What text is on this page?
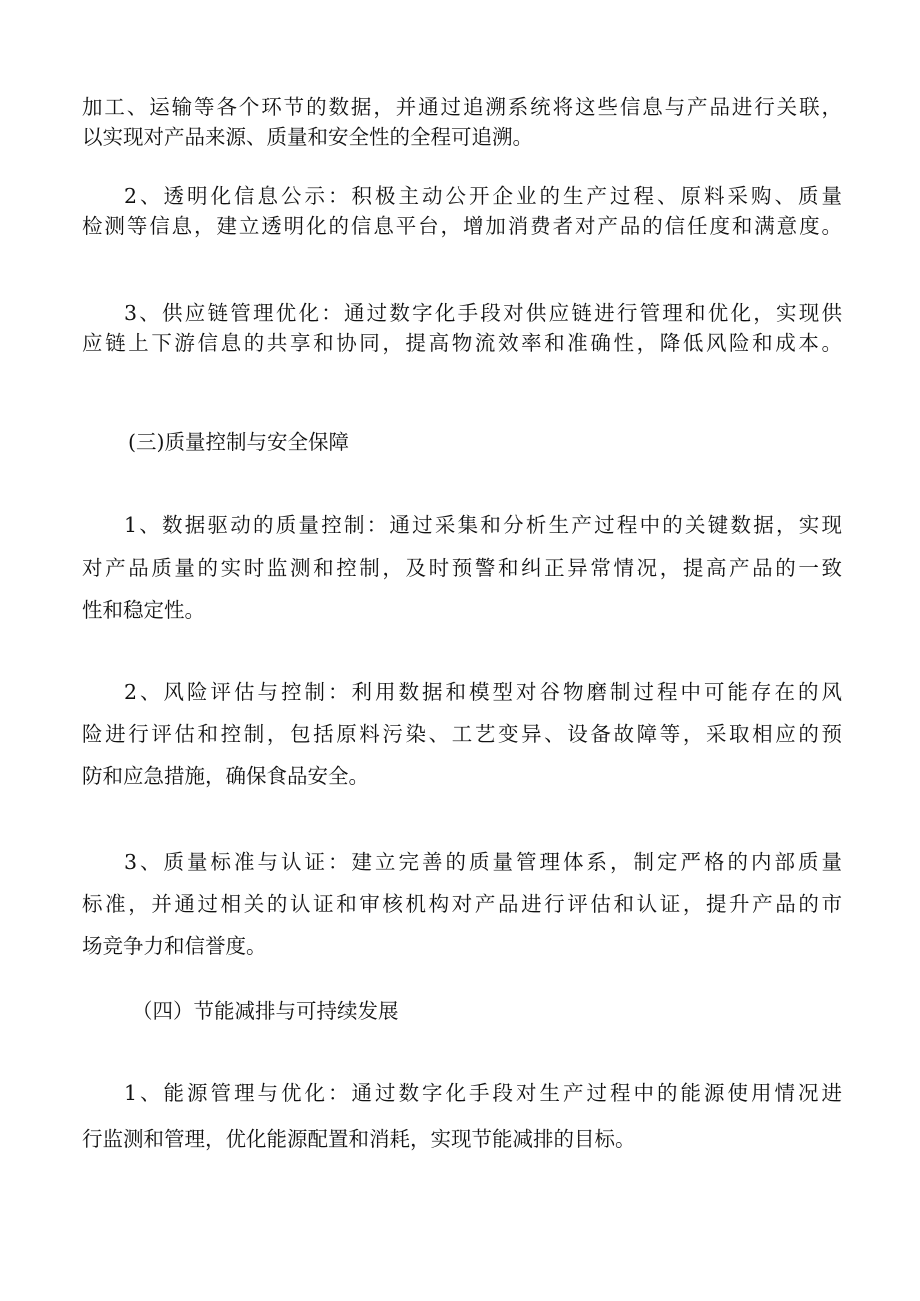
加工、运输等各个环节的数据，并通过追溯系统将这些信息与产品进行关联，
以实现对产品来源、质量和安全性的全程可追溯。
2、透明化信息公示：积极主动公开企业的生产过程、原料采购、质量
检测等信息，建立透明化的信息平台，增加消费者对产品的信任度和满意度。
3、供应链管理优化：通过数字化手段对供应链进行管理和优化，实现供
应链上下游信息的共享和协同，提高物流效率和准确性，降低风险和成本。
(三)质量控制与安全保障
1、数据驱动的质量控制：通过采集和分析生产过程中的关键数据，实现
对产品质量的实时监测和控制，及时预警和纠正异常情况，提高产品的一致
性和稳定性。
2、风险评估与控制：利用数据和模型对谷物磨制过程中可能存在的风
险进行评估和控制，包括原料污染、工艺变异、设备故障等，采取相应的预
防和应急措施，确保食品安全。
3、质量标准与认证：建立完善的质量管理体系，制定严格的内部质量
标准，并通过相关的认证和审核机构对产品进行评估和认证，提升产品的市
场竞争力和信誉度。
（四）节能减排与可持续发展
1、能源管理与优化：通过数字化手段对生产过程中的能源使用情况进
行监测和管理，优化能源配置和消耗，实现节能减排的目标。
